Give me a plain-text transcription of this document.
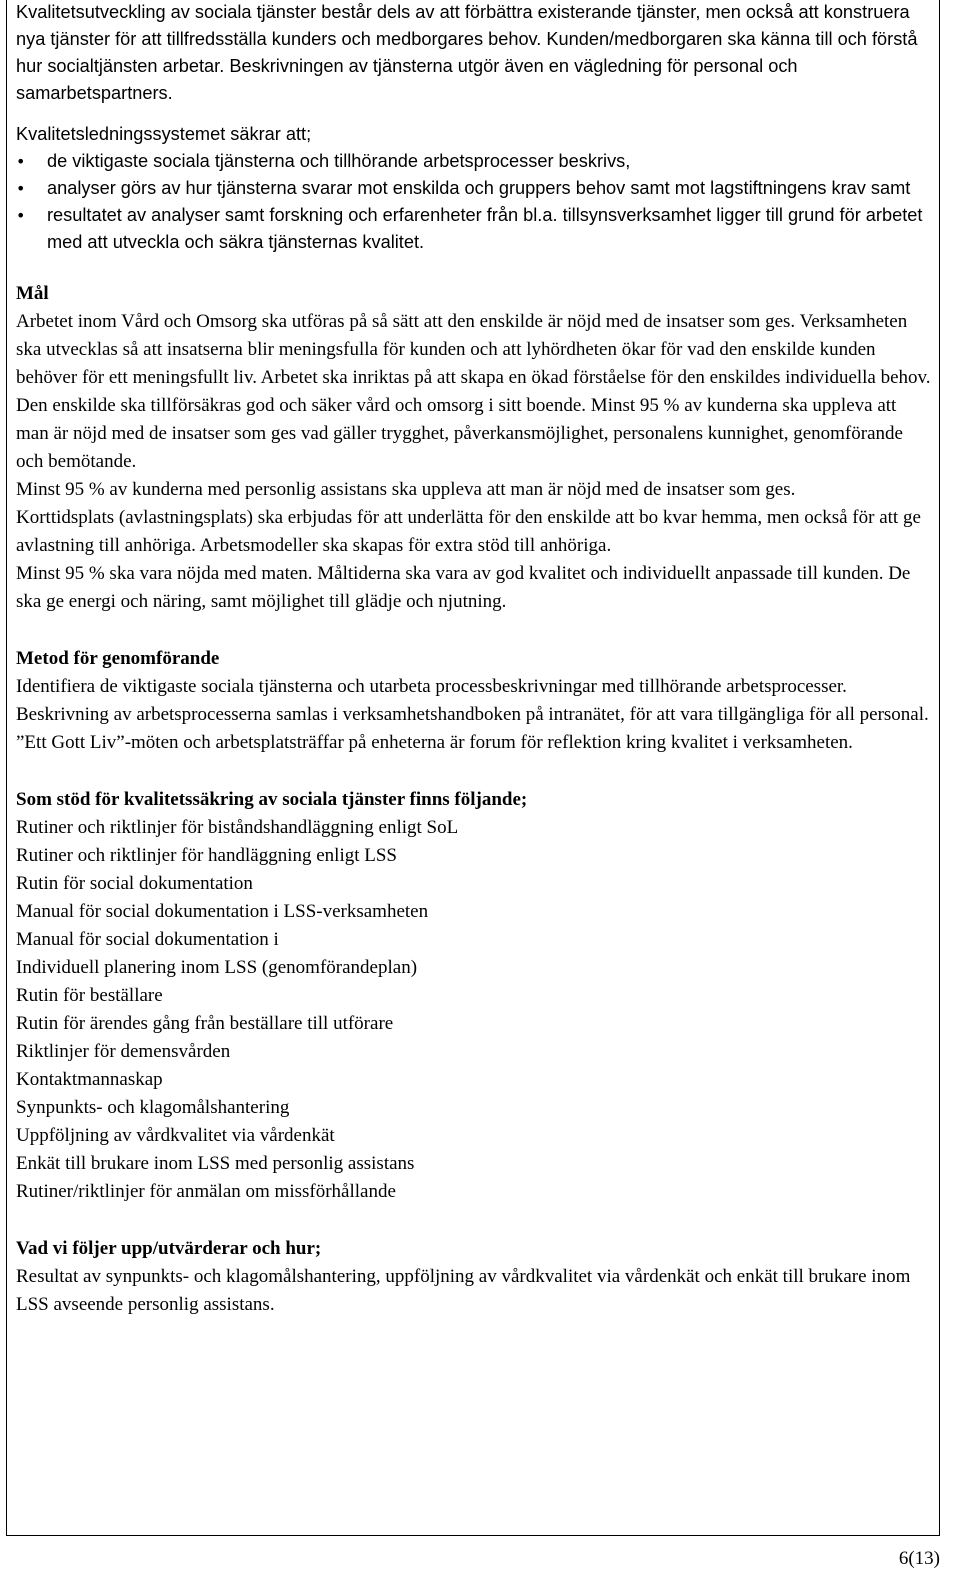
Kvalitetsutveckling av sociala tjänster består dels av att förbättra existerande tjänster, men också att konstruera nya tjänster för att tillfredsställa kunders och medborgares behov. Kunden/medborgaren ska känna till och förstå hur socialtjänsten arbetar. Beskrivningen av tjänsterna utgör även en vägledning för personal och samarbetspartners.

Kvalitetsledningssystemet säkrar att;

• de viktigaste sociala tjänsterna och tillhörande arbetsprocesser beskrivs,
• analyser görs av hur tjänsterna svarar mot enskilda och gruppers behov samt mot lagstiftningens krav samt
• resultatet av analyser samt forskning och erfarenheter från bl.a. tillsynsverksamhet ligger till grund för arbetet med att utveckla och säkra tjänsternas kvalitet.

Mål

Arbetet inom Vård och Omsorg ska utföras på så sätt att den enskilde är nöjd med de insatser som ges. Verksamheten ska utvecklas så att insatserna blir meningsfulla för kunden och att lyhördheten ökar för vad den enskilde kunden behöver för ett meningsfullt liv. Arbetet ska inriktas på att skapa en ökad förståelse för den enskildes individuella behov.

Den enskilde ska tillförsäkras god och säker vård och omsorg i sitt boende. Minst 95 % av kunderna ska uppleva att man är nöjd med de insatser som ges vad gäller trygghet, påverkansmöjlighet, personalens kunnighet, genomförande och bemötande.

Minst 95 % av kunderna med personlig assistans ska uppleva att man är nöjd med de insatser som ges.

Korttidsplats (avlastningsplats) ska erbjudas för att underlätta för den enskilde att bo kvar hemma, men också för att ge avlastning till anhöriga. Arbetsmodeller ska skapas för extra stöd till anhöriga.

Minst 95 % ska vara nöjda med maten. Måltiderna ska vara av god kvalitet och individuellt anpassade till kunden. De ska ge energi och näring, samt möjlighet till glädje och njutning.

Metod för genomförande

Identifiera de viktigaste sociala tjänsterna och utarbeta processbeskrivningar med tillhörande arbetsprocesser. Beskrivning av arbetsprocesserna samlas i verksamhetshandboken på intranätet, för att vara tillgängliga för all personal.

”Ett Gott Liv”-möten och arbetsplatsträffar på enheterna är forum för reflektion kring kvalitet i verksamheten.

Som stöd för kvalitetssäkring av sociala tjänster finns följande;

Rutiner och riktlinjer för biståndshandläggning enligt SoL

Rutiner och riktlinjer för handläggning enligt LSS

Rutin för social dokumentation

Manual för social dokumentation i LSS-verksamheten

Manual för social dokumentation i

Individuell planering inom LSS (genomförandeplan)

Rutin för beställare

Rutin för ärendes gång från beställare till utförare

Riktlinjer för demensvården

Kontaktmannaskap

Synpunkts- och klagomålshantering

Uppföljning av vårdkvalitet via vårdenkät

Enkät till brukare inom LSS med personlig assistans

Rutiner/riktlinjer för anmälan om missförhållande

Vad vi följer upp/utvärderar och hur;

Resultat av synpunkts- och klagomålshantering, uppföljning av vårdkvalitet via vårdenkät och enkät till brukare inom LSS avseende personlig assistans.

6(13)
